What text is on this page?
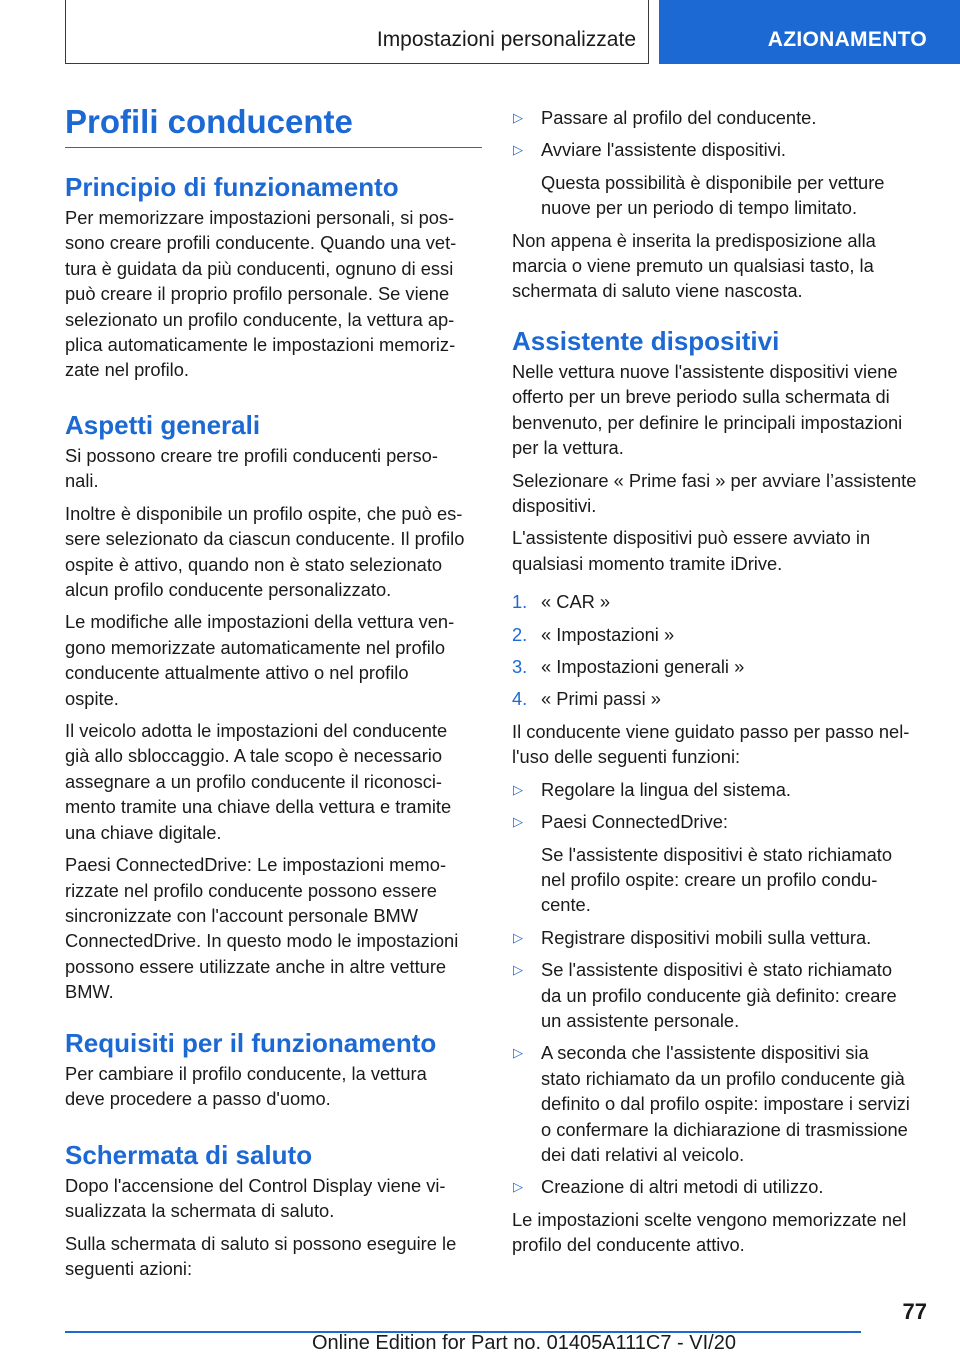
Impostazioni personalizzate	AZIONAMENTO
Profili conducente
Principio di funzionamento

Per memorizzare impostazioni personali, si pos‐
sono creare profili conducente. Quando una vet‐
tura è guidata da più conducenti, ognuno di essi
può creare il proprio profilo personale. Se viene
selezionato un profilo conducente, la vettura ap‐
plica automaticamente le impostazioni memoriz‐
zate nel profilo.

Aspetti generali

Si possono creare tre profili conducenti perso‐
nali.

Inoltre è disponibile un profilo ospite, che può es‐
sere selezionato da ciascun conducente. Il profilo
ospite è attivo, quando non è stato selezionato
alcun profilo conducente personalizzato.

Le modifiche alle impostazioni della vettura ven‐
gono memorizzate automaticamente nel profilo
conducente attualmente attivo o nel profilo
ospite.

Il veicolo adotta le impostazioni del conducente
già allo sbloccaggio. A tale scopo è necessario
assegnare a un profilo conducente il riconosci‐
mento tramite una chiave della vettura e tramite
una chiave digitale.

Paesi ConnectedDrive: Le impostazioni memo‐
rizzate nel profilo conducente possono essere
sincronizzate con l'account personale BMW
ConnectedDrive. In questo modo le impostazioni
possono essere utilizzate anche in altre vetture
BMW.

Requisiti per il funzionamento

Per cambiare il profilo conducente, la vettura
deve procedere a passo d'uomo.

Schermata di saluto

Dopo l'accensione del Control Display viene vi‐
sualizzata la schermata di saluto.

Sulla schermata di saluto si possono eseguire le
seguenti azioni:

▷ Passare al profilo del conducente.

▷ Avviare l'assistente dispositivi.

Questa possibilità è disponibile per vetture
nuove per un periodo di tempo limitato.

Non appena è inserita la predisposizione alla
marcia o viene premuto un qualsiasi tasto, la
schermata di saluto viene nascosta.

Assistente dispositivi

Nelle vettura nuove l'assistente dispositivi viene
offerto per un breve periodo sulla schermata di
benvenuto, per definire le principali impostazioni
per la vettura.

Selezionare « Prime fasi » per avviare l’assistente
dispositivi.

L'assistente dispositivi può essere avviato in
qualsiasi momento tramite iDrive.

1. « CAR »

2. « Impostazioni »

3. « Impostazioni generali »

4. « Primi passi »

Il conducente viene guidato passo per passo nel‐
l'uso delle seguenti funzioni:

▷ Regolare la lingua del sistema.

▷ Paesi ConnectedDrive:

Se l'assistente dispositivi è stato richiamato
nel profilo ospite: creare un profilo condu‐
cente.

▷ Registrare dispositivi mobili sulla vettura.

▷ Se l'assistente dispositivi è stato richiamato
da un profilo conducente già definito: creare
un assistente personale.

▷ A seconda che l'assistente dispositivi sia
stato richiamato da un profilo conducente già
definito o dal profilo ospite: impostare i servizi
o confermare la dichiarazione di trasmissione
dei dati relativi al veicolo.

▷ Creazione di altri metodi di utilizzo.

Le impostazioni scelte vengono memorizzate nel
profilo del conducente attivo.

77
Online Edition for Part no. 01405A111C7 - VI/20
